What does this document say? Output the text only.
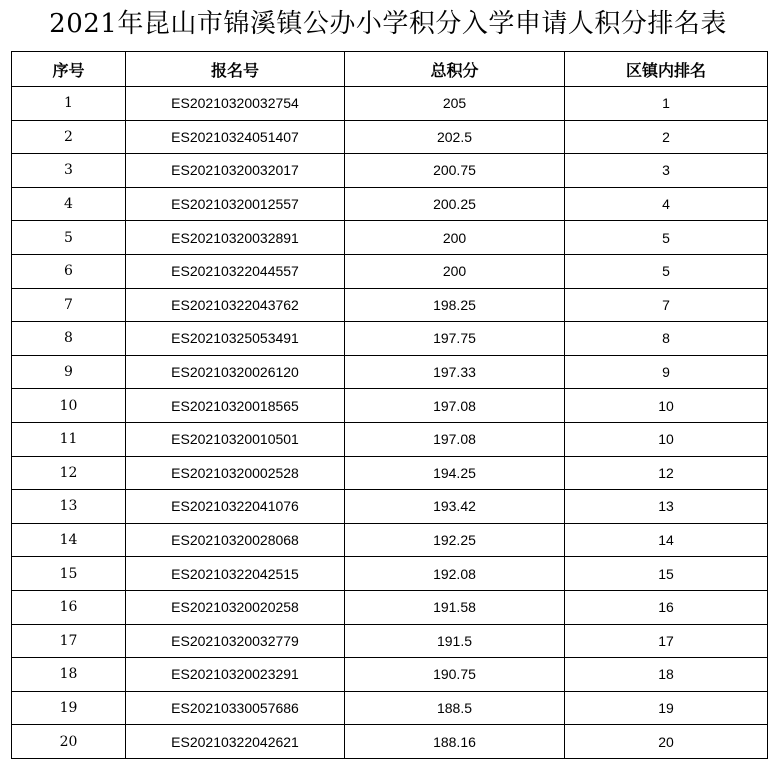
2021年昆山市锦溪镇公办小学积分入学申请人积分排名表
序号	报名号	总积分	区镇内排名
1	ES20210320032754	205	1
2	ES20210324051407	202.5	2
3	ES20210320032017	200.75	3
4	ES20210320012557	200.25	4
5	ES20210320032891	200	5
6	ES20210322044557	200	5
7	ES20210322043762	198.25	7
8	ES20210325053491	197.75	8
9	ES20210320026120	197.33	9
10	ES20210320018565	197.08	10
11	ES20210320010501	197.08	10
12	ES20210320002528	194.25	12
13	ES20210322041076	193.42	13
14	ES20210320028068	192.25	14
15	ES20210322042515	192.08	15
16	ES20210320020258	191.58	16
17	ES20210320032779	191.5	17
18	ES20210320023291	190.75	18
19	ES20210330057686	188.5	19
20	ES20210322042621	188.16	20
